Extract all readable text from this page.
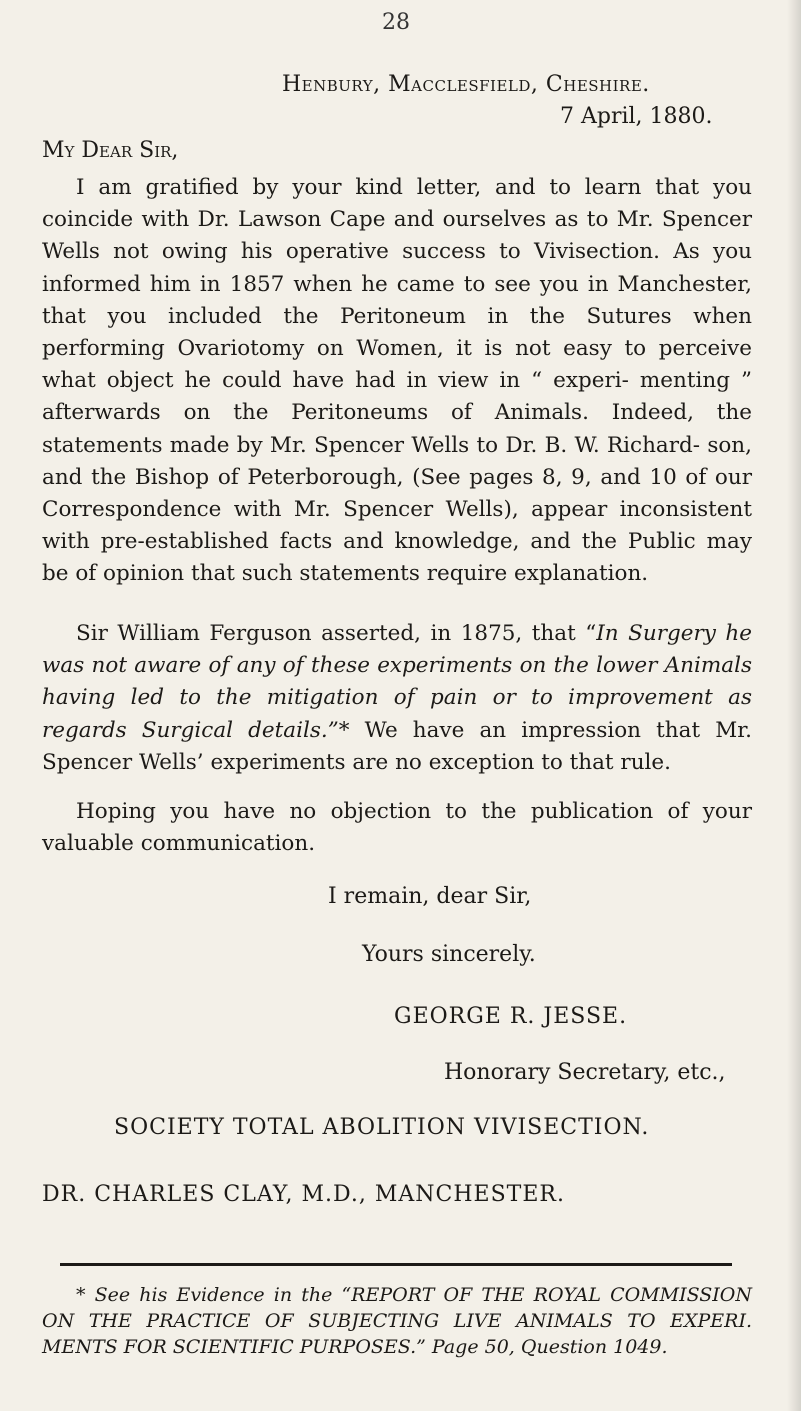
28
Henbury, Macclesfield, Cheshire.
7 April, 1880.
My Dear Sir,

I am gratified by your kind letter, and to learn that you coincide with Dr. Lawson Cape and ourselves as to Mr. Spencer Wells not owing his operative success to Vivisection. As you informed him in 1857 when he came to see you in Manchester, that you included the Peritoneum in the Sutures when performing Ovariotomy on Women, it is not easy to perceive what object he could have had in view in “ experi- menting ” afterwards on the Peritoneums of Animals. Indeed, the statements made by Mr. Spencer Wells to Dr. B. W. Richard- son, and the Bishop of Peterborough, (See pages 8, 9, and 10 of our Correspondence with Mr. Spencer Wells), appear inconsistent with pre-established facts and knowledge, and the Public may be of opinion that such statements require explanation.

Sir William Ferguson asserted, in 1875, that “In Surgery he was not aware of any of these experiments on the lower Animals having led to the mitigation of pain or to improvement as regards Surgical details.”* We have an impression that Mr. Spencer Wells’ experiments are no exception to that rule.

Hoping you have no objection to the publication of your valuable communication.

I remain, dear Sir,
Yours sincerely.
GEORGE R. JESSE.
Honorary Secretary, etc.,
SOCIETY TOTAL ABOLITION VIVISECTION.
DR. CHARLES CLAY, M.D., MANCHESTER.
* See his Evidence in the “REPORT OF THE ROYAL COMMISSION ON THE PRACTICE OF SUBJECTING LIVE ANIMALS TO EXPERI. MENTS FOR SCIENTIFIC PURPOSES.” Page 50, Question 1049.
